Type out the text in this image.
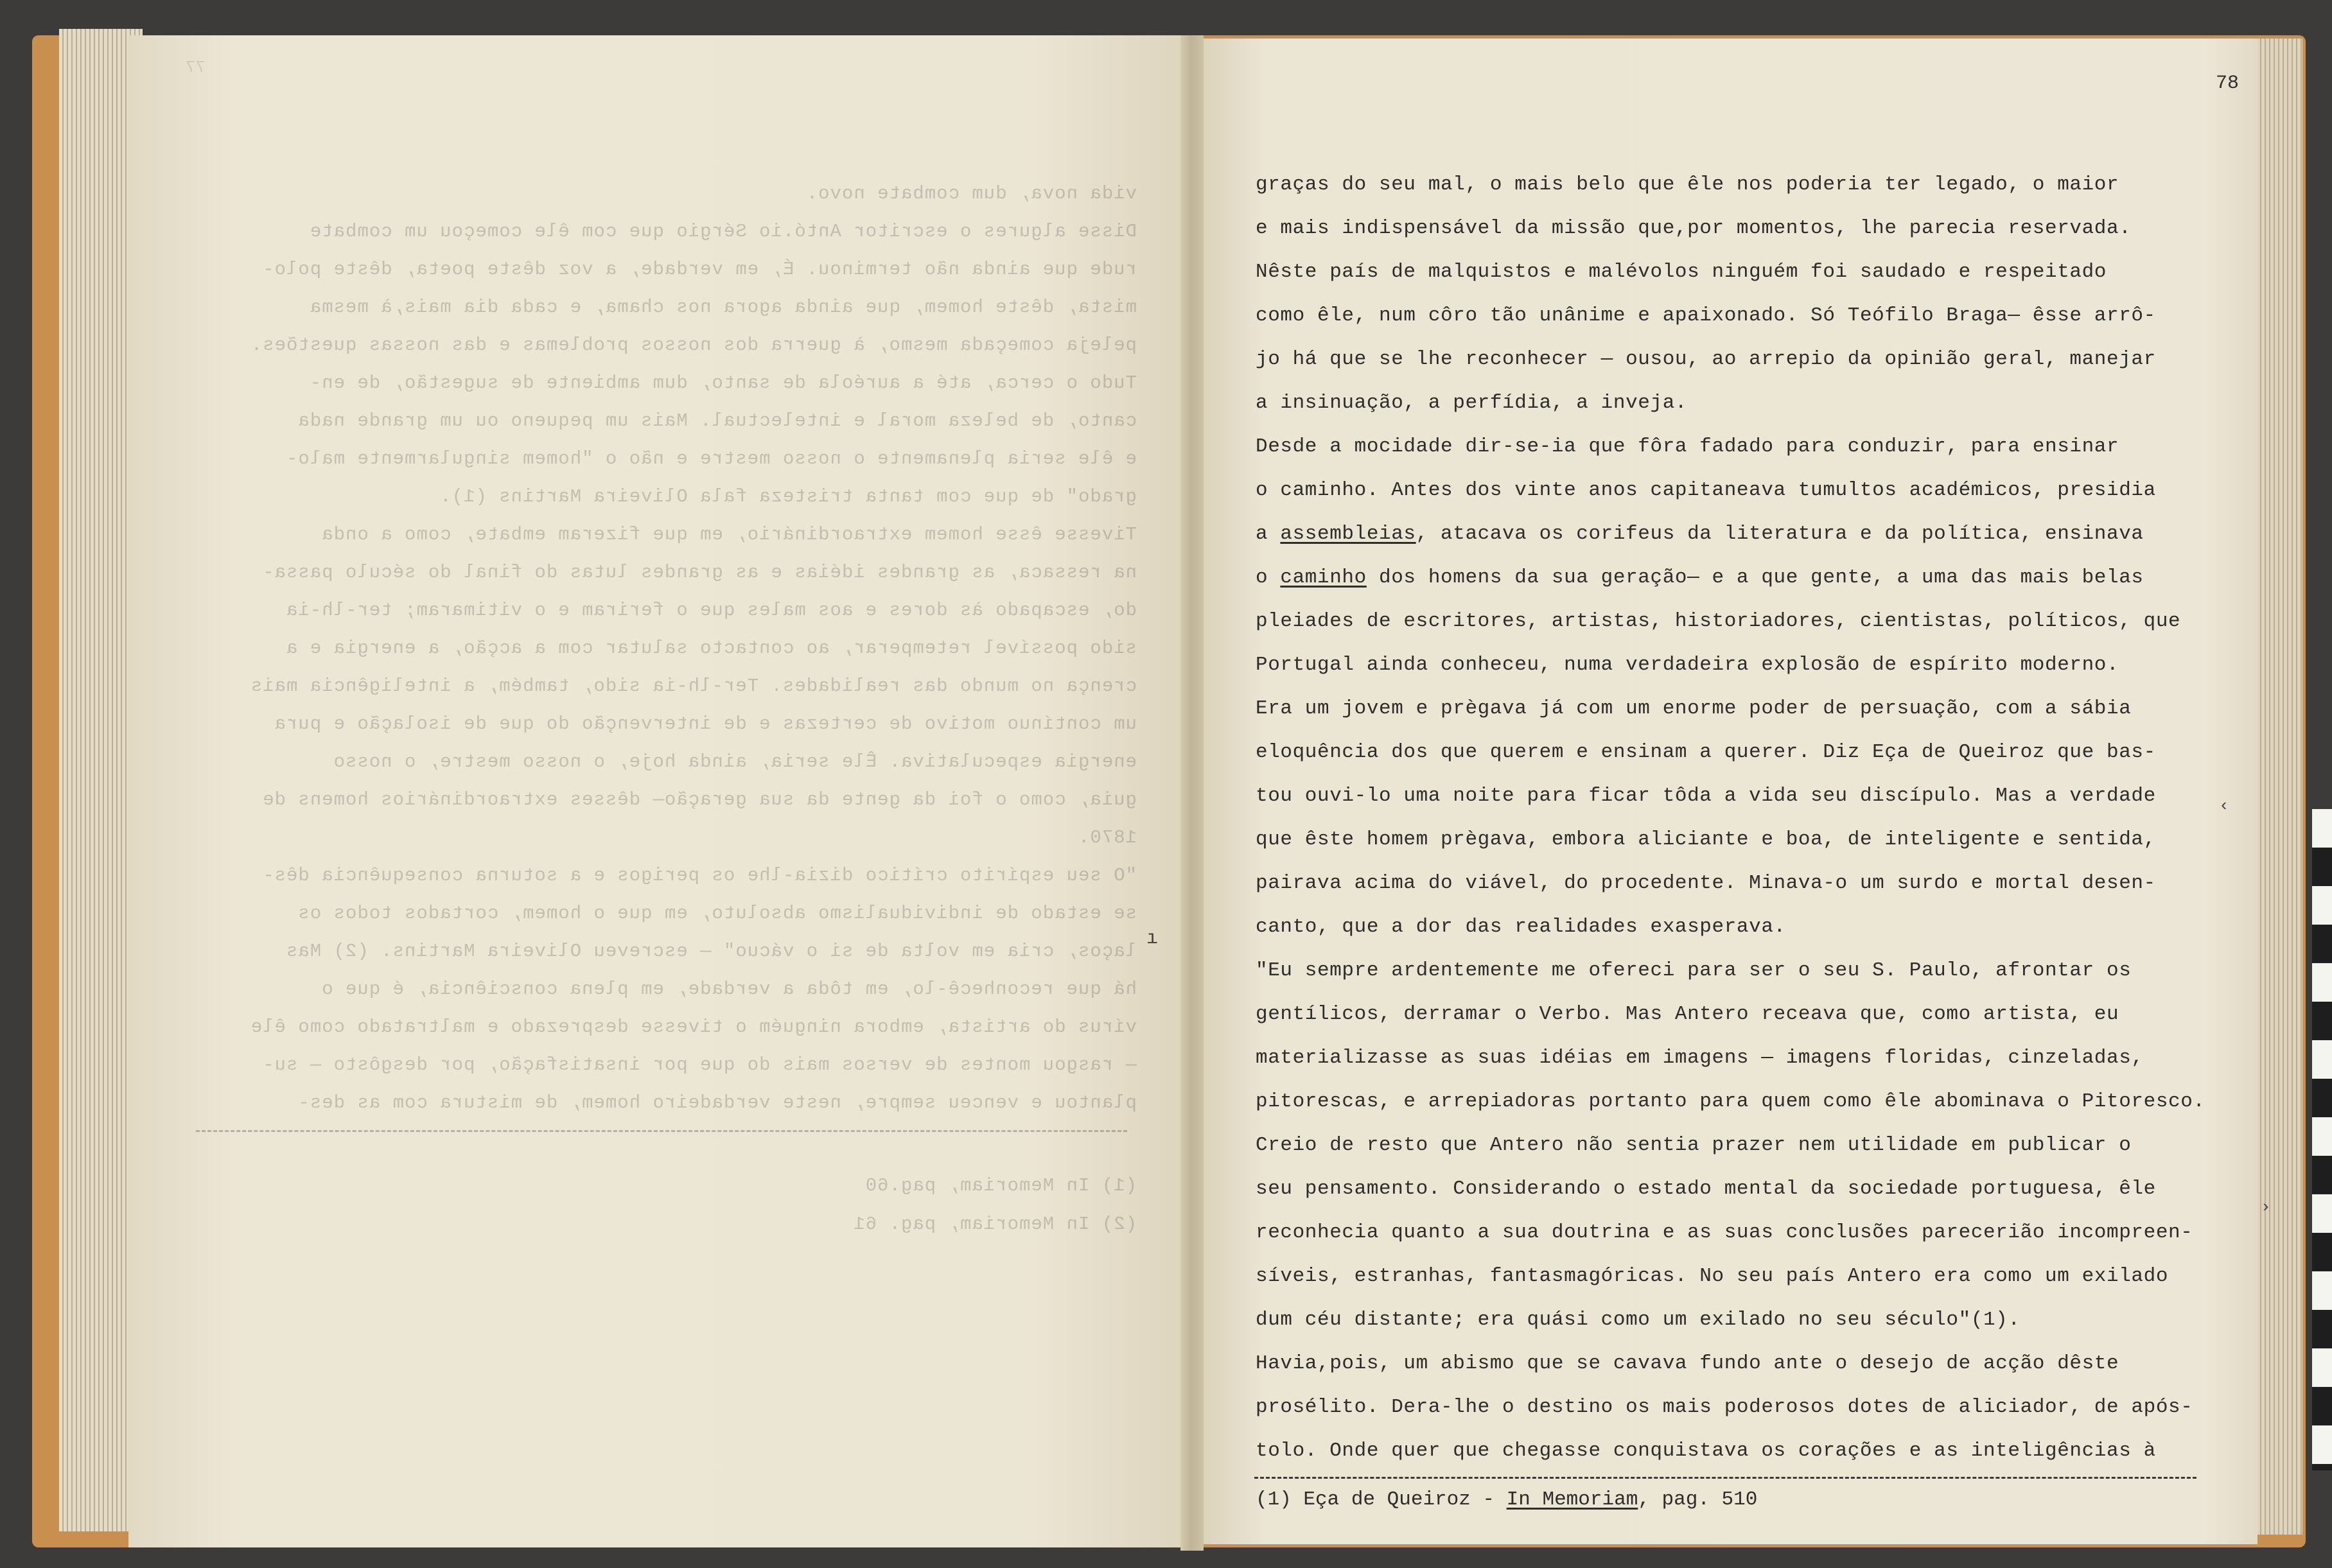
77
vida nova, dum combate novo.
Disse algures o escritor Antó.io Sérgio que com êle começou um combate
rude que ainda não terminou. É, em verdade, a voz dêste poeta, dêste polo-
mista, dêste homem, que ainda agora nos chama, e cada dia mais,à mesma
peleja começada mesmo, à guerra dos nossos problemas e das nossas questões.
Tudo o cerca, até a auréola de santo, dum ambiente de sugestão, de en-
canto, de beleza moral e intelectual. Mais um pequeno ou um grande nada
e êle seria plenamente o nosso mestre e não o "homem singularmente malo-
grado" de que com tanta tristeza fala Oliveira Martins (1).
Tivesse êsse homem extraordinário, em que fizeram embate, como a onda
na ressaca, as grandes idéias e as grandes lutas do final do século passa-
do, escapado às dores e aos males que o feriram e o vitimaram; ter-lh-ia
sido possível retemperar, ao contacto salutar com a acção, a energia e a
crença no mundo das realidades. Ter-lh-ia sido, também, a inteligência mais
um contínuo motivo de certezas e de intervenção do que de isolação e pura
energia especulativa. Êle seria, ainda hoje, o nosso mestre, o nosso
guia, como o foi da gente da sua geração— dêsses extraordinários homens de
1870.
"O seu espírito crítico dizia-lhe os perigos e a soturna consequência dês-
se estado de individualismo absoluto, em que o homem, cortados todos os
laços, cria em volta de si o vácuo" — escreveu Oliveira Martins. (2) Mas
há que reconhecê-lo, em tôda a verdade, em plena consciência, é que o
vírus do artista, embora ninguém o tivesse desprezado e maltratado como êle
— rasgou montes de versos mais do que por insatisfação, por desgôsto — su-
plantou e venceu sempre, neste verdadeiro homem, de mistura com as des-
(1) In Memoriam, pag.60
(2) In Memoriam, pag. 61
78
graças do seu mal, o mais belo que êle nos poderia ter legado, o maior
e mais indispensável da missão que,por momentos, lhe parecia reservada.
Nêste país de malquistos e malévolos ninguém foi saudado e respeitado
como êle, num côro tão unânime e apaixonado. Só Teófilo Braga— êsse arrô-
jo há que se lhe reconhecer — ousou, ao arrepio da opinião geral, manejar
a insinuação, a perfídia, a inveja.
Desde a mocidade dir-se-ia que fôra fadado para conduzir, para ensinar
o caminho. Antes dos vinte anos capitaneava tumultos académicos, presidia
a assembleias, atacava os corifeus da literatura e da política, ensinava
o caminho dos homens da sua geração— e a que gente, a uma das mais belas
pleiades de escritores, artistas, historiadores, cientistas, políticos, que
Portugal ainda conheceu, numa verdadeira explosão de espírito moderno.
Era um jovem e prègava já com um enorme poder de persuação, com a sábia
eloquência dos que querem e ensinam a querer. Diz Eça de Queiroz que bas-
tou ouvi-lo uma noite para ficar tôda a vida seu discípulo. Mas a verdade
que êste homem prègava, embora aliciante e boa, de inteligente e sentida,
pairava acima do viável, do procedente. Minava-o um surdo e mortal desen-
canto, que a dor das realidades exasperava.
"Eu sempre ardentemente me ofereci para ser o seu S. Paulo, afrontar os
gentílicos, derramar o Verbo. Mas Antero receava que, como artista, eu
materializasse as suas idéias em imagens — imagens floridas, cinzeladas,
pitorescas, e arrepiadoras portanto para quem como êle abominava o Pitoresco.
Creio de resto que Antero não sentia prazer nem utilidade em publicar o
seu pensamento. Considerando o estado mental da sociedade portuguesa, êle
reconhecia quanto a sua doutrina e as suas conclusões parecerião incompreen-
síveis, estranhas, fantasmagóricas. No seu país Antero era como um exilado
dum céu distante; era quási como um exilado no seu século"(1).
Havia,pois, um abismo que se cavava fundo ante o desejo de acção dêste
prosélito. Dera-lhe o destino os mais poderosos dotes de aliciador, de após-
tolo. Onde quer que chegasse conquistava os corações e as inteligências à
(1) Eça de Queiroz - In Memoriam, pag. 510
‹
›
ı
